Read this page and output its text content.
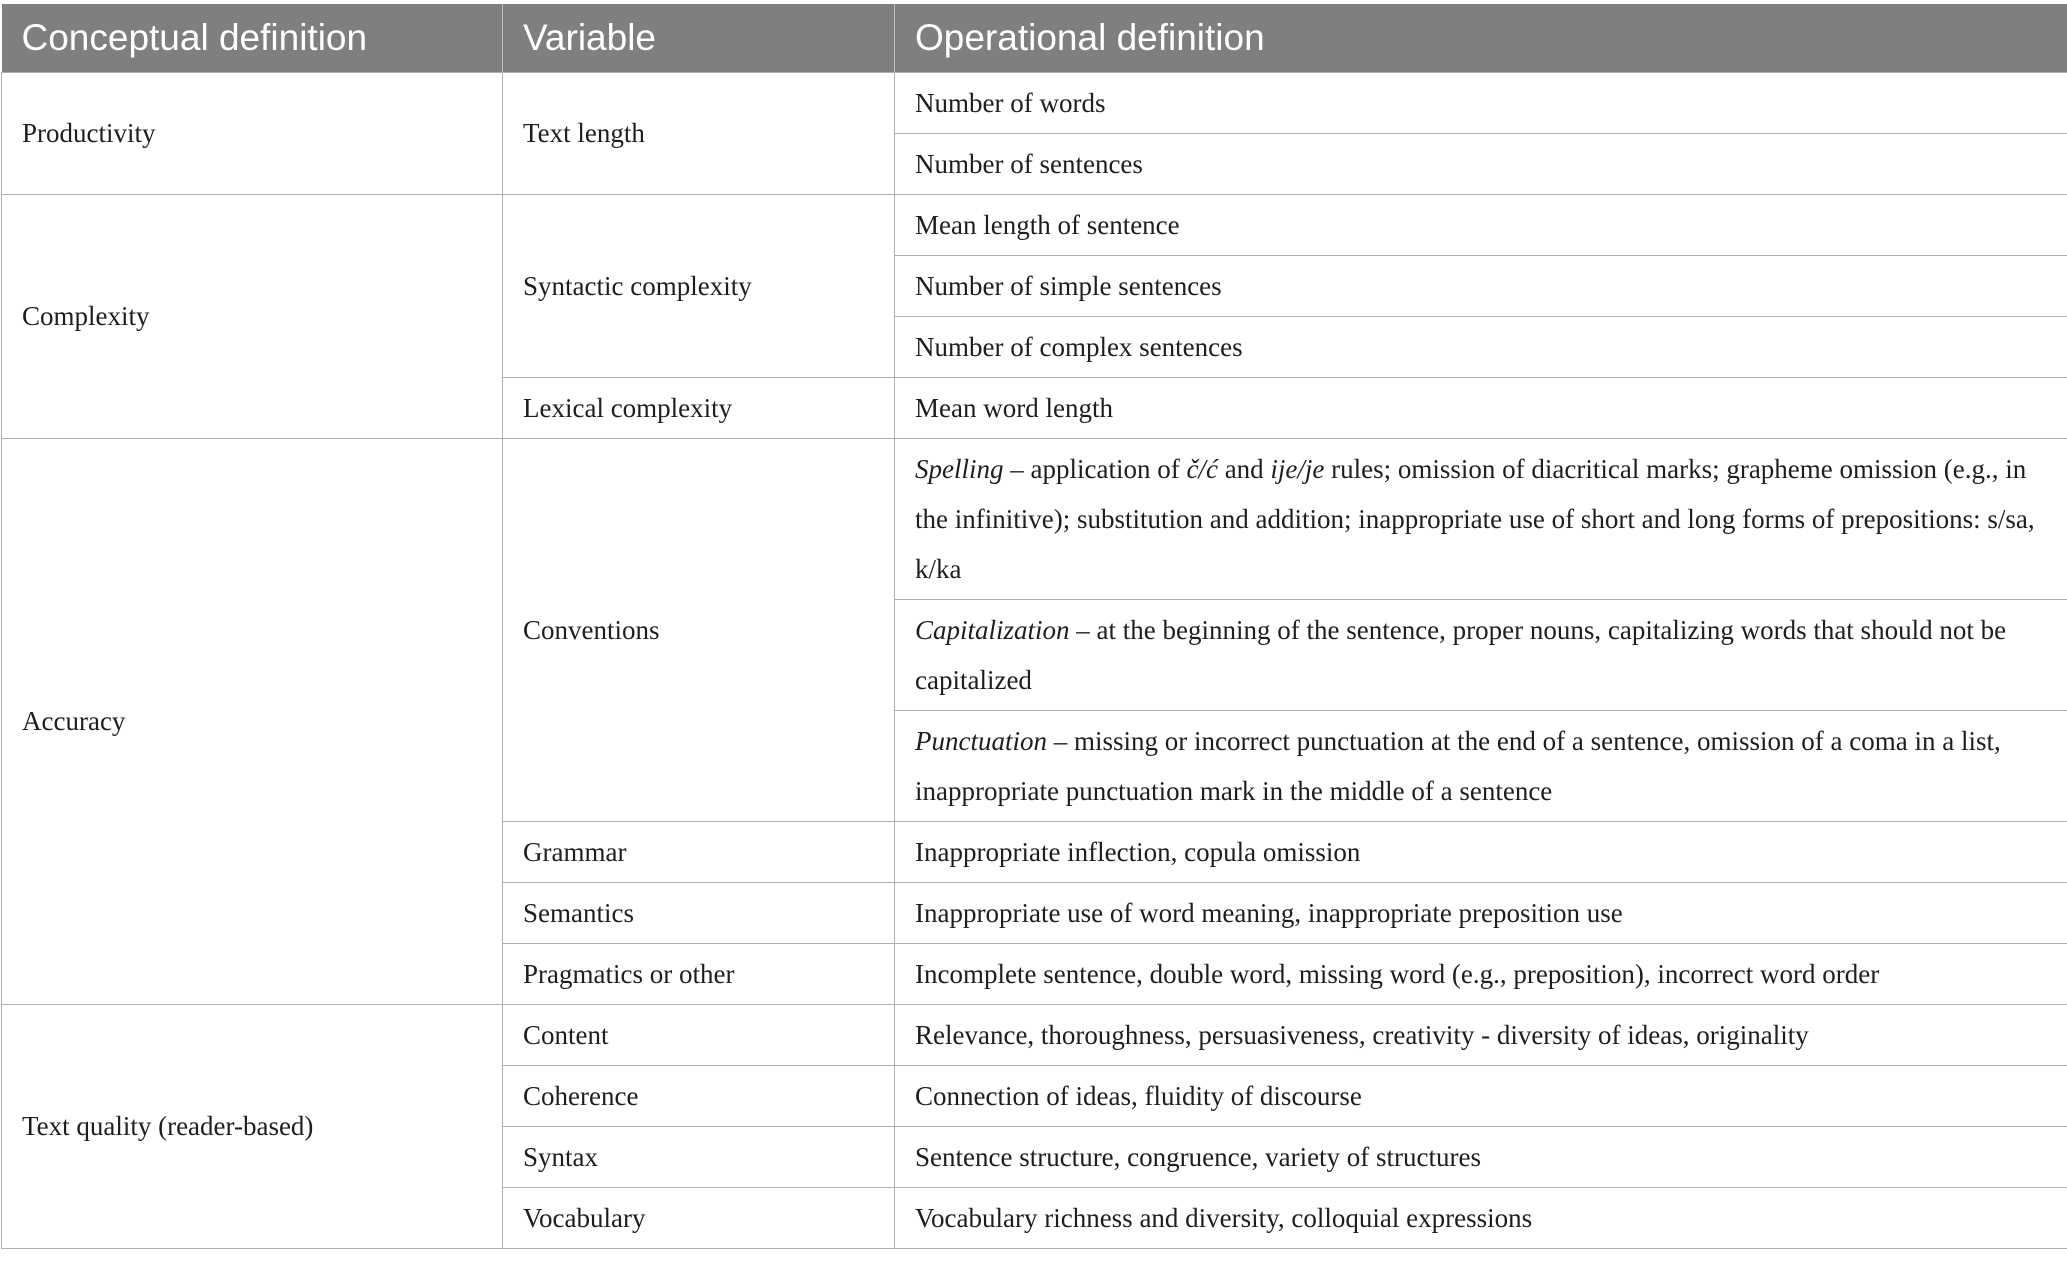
Conceptual definition	Variable	Operational definition
Productivity	Text length	Number of words
		Number of sentences
Complexity	Syntactic complexity	Mean length of sentence
		Number of simple sentences
		Number of complex sentences
	Lexical complexity	Mean word length
Accuracy	Conventions	Spelling – application of č/ć and ije/je rules; omission of diacritical marks; grapheme omission (e.g., in the infinitive); substitution and addition; inappropriate use of short and long forms of prepositions: s/sa, k/ka
		Capitalization – at the beginning of the sentence, proper nouns, capitalizing words that should not be capitalized
		Punctuation – missing or incorrect punctuation at the end of a sentence, omission of a coma in a list, inappropriate punctuation mark in the middle of a sentence
	Grammar	Inappropriate inflection, copula omission
	Semantics	Inappropriate use of word meaning, inappropriate preposition use
	Pragmatics or other	Incomplete sentence, double word, missing word (e.g., preposition), incorrect word order
Text quality (reader-based)	Content	Relevance, thoroughness, persuasiveness, creativity - diversity of ideas, originality
	Coherence	Connection of ideas, fluidity of discourse
	Syntax	Sentence structure, congruence, variety of structures
	Vocabulary	Vocabulary richness and diversity, colloquial expressions
